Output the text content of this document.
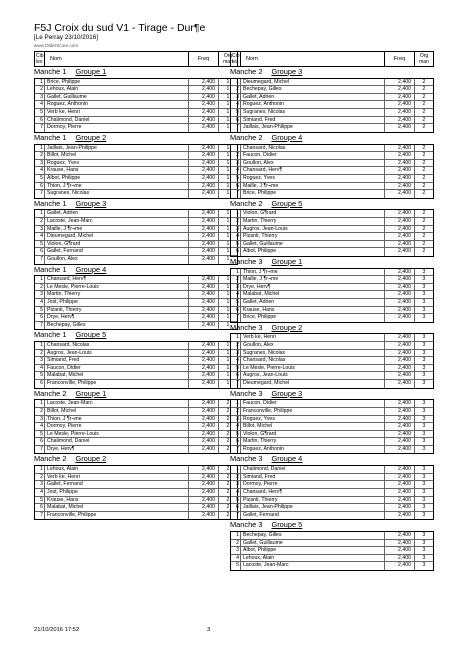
F5J Croix du sud V1 - Tirage - Dur¶e
[Le Perray 23/10/2016]
www.OlderScore.com
Cib les	Nom	Freq	Org man
Manche 1 Groupe 1
1 Brice, Philippe	2,400	1
2 Lehoux, Alain	2,400	1
3 Gallet, Guillaume	2,400	1
4 Roguez, Anthonin	2,400	1
5 Verb ke, Henri	2,400	1
6 Chalimond, Daniel	2,400	1
7 Dormoy, Pierre	2,400	1
Manche 1 Groupe 2
1 Jaillais, Jean-Philippe	2,400	1
2 Billot, Michel	2,400	1
3 Roguez, Yves	2,400	1
4 Krause, Hans	2,400	1
5 Albot, Philippe	2,400	1
6 Thion, J ¶r¬me	2,400	1
7 Sugranes, Nicolas	2,400	1
Manche 1 Groupe 3
1 Gallet, Adrien	2,400	1
2 Lacoste, Jean-Marc	2,400	1
3 Maille, J ¶r¬me	2,400	1
4 Dieumegard, Michel	2,400	1
5 Violon, G¶rard	2,400	1
6 Gallet, Fernand	2,400	1
7 Goullon, Alex	2,400	1
Manche 1 Groupe 4
1 Chansard, Herv¶	2,400	1
2 Le Mesle, Pierre-Louis	2,400	1
3 Martin, Thierry	2,400	1
4 Jost, Philippe	2,400	1
5 Pizanti, Thierry	2,400	1
6 Drye, Herv¶	2,400	1
7 Bechepay, Gilles	2,400	1
Manche 1 Groupe 5
1 Chansard, Nicolas	2,400	1
2 Augros, Jean-Louis	2,400	1
3 Simiand, Fred	2,400	1
4 Faucon, Didier	2,400	1
5 Malabat, Michel	2,400	1
6 Franconville, Philippe	2,400	1
Manche 2 Groupe 1
1 Lacoste, Jean-Marc	2,400	2
2 Billot, Michel	2,400	2
3 Thion, J ¶r¬me	2,400	2
4 Dormoy, Pierre	2,400	2
5 Le Mesle, Pierre-Louis	2,400	2
6 Chalimond, Daniel	2,400	2
7 Drye, Herv¶	2,400	2
Manche 2 Groupe 2
1 Lehoux, Alain	2,400	2
2 Verb ke, Henri	2,400	2
3 Gallet, Fernand	2,400	2
4 Jost, Philippe	2,400	2
5 Krause, Hans	2,400	2
6 Malabat, Michel	2,400	2
7 Franconville, Philippe	2,400	2
Cib les	Nom	Freq	Org man
Manche 2 Groupe 3
1 Dieumegard, Michel	2,400	2
2 Bechepay, Gilles	2,400	2
3 Gallet, Adrien	2,400	2
4 Roguez, Anthonin	2,400	2
5 Sugranes, Nicolas	2,400	2
6 Simiand, Fred	2,400	2
7 Jaillais, Jean-Philippe	2,400	2
Manche 2 Groupe 4
1 Chansard, Nicolas	2,400	2
2 Faucon, Didier	2,400	2
3 Goullon, Alex	2,400	2
4 Chansard, Herv¶	2,400	2
5 Roguez, Yves	2,400	2
6 Maille, J ¶r¬me	2,400	2
7 Brice, Philippe	2,400	2
Manche 2 Groupe 5
1 Violon, G¶rard	2,400	2
2 Martin, Thierry	2,400	2
3 Augros, Jean-Louis	2,400	2
4 Pizanti, Thierry	2,400	2
5 Gallet, Guillaume	2,400	2
6 Albot, Philippe	2,400	2
Manche 3 Groupe 1
1 Thion, J ¶r¬me	2,400	3
2 Maille, J ¶r¬me	2,400	3
3 Drye, Herv¶	2,400	3
4 Malabat, Michel	2,400	3
5 Gallet, Adrien	2,400	3
6 Krause, Hans	2,400	3
7 Brice, Philippe	2,400	3
Manche 3 Groupe 2
1 Verb ke, Henri	2,400	3
2 Goullon, Alex	2,400	3
3 Sugranes, Nicolas	2,400	3
4 Chansard, Nicolas	2,400	3
5 Le Mesle, Pierre-Louis	2,400	3
6 Augros, Jean-Louis	2,400	3
7 Dieumegard, Michel	2,400	3
Manche 3 Groupe 3
1 Faucon, Didier	2,400	3
2 Franconville, Philippe	2,400	3
3 Roguez, Yves	2,400	3
4 Billot, Michel	2,400	3
5 Violon, G¶rard	2,400	3
6 Martin, Thierry	2,400	3
7 Roguez, Anthonin	2,400	3
Manche 3 Groupe 4
1 Chalimond, Daniel	2,400	3
2 Simiand, Fred	2,400	3
3 Dormoy, Pierre	2,400	3
4 Chansard, Herv¶	2,400	3
5 Pizanti, Thierry	2,400	3
6 Jaillais, Jean-Philippe	2,400	3
7 Gallet, Fernand	2,400	3
Manche 3 Groupe 5
1 Bechepay, Gilles	2,400	3
2 Gallet, Guillaume	2,400	3
3 Albot, Philippe	2,400	3
4 Lehoux, Alain	2,400	3
5 Lacoste, Jean-Marc	2,400	3
21/10/2016 17:52	3
